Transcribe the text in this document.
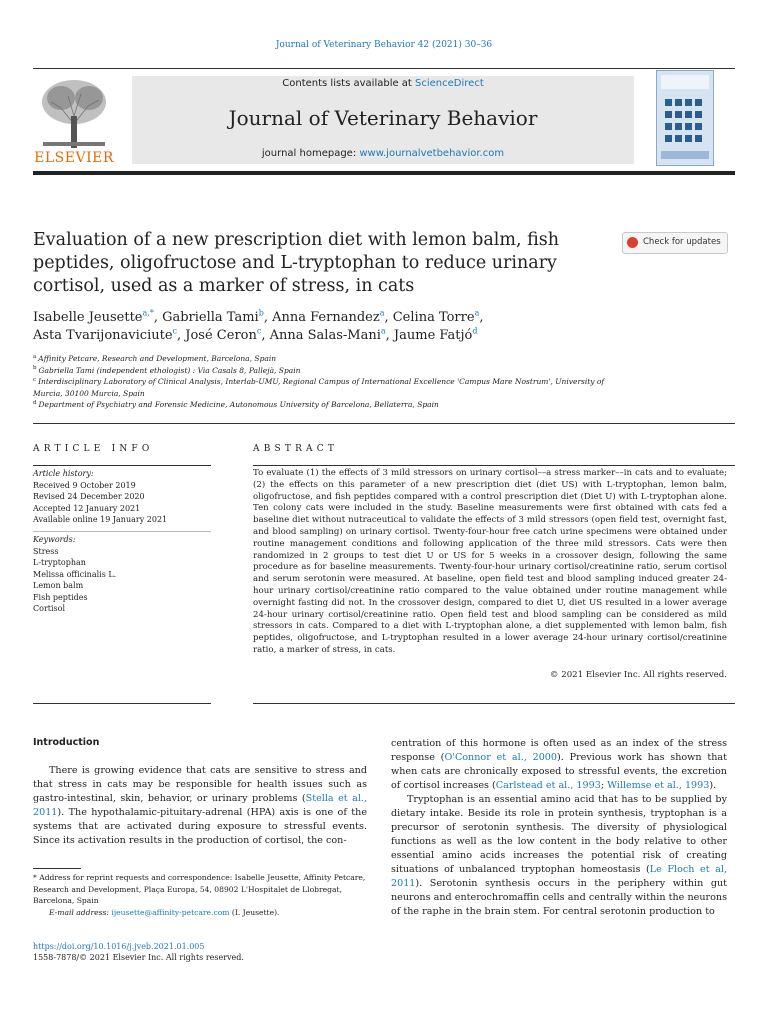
Journal of Veterinary Behavior 42 (2021) 30–36
ELSEVIER
Contents lists available at ScienceDirect
Journal of Veterinary Behavior
journal homepage: www.journalvetbehavior.com
Evaluation of a new prescription diet with lemon balm, fish peptides, oligofructose and L-tryptophan to reduce urinary cortisol, used as a marker of stress, in cats
Check for updates
Isabelle Jeusette$^{a,*}$, Gabriella Tami$^b$, Anna Fernandez$^a$, Celina Torre$^a$,
Asta Tvarijonaviciute$^c$, José Ceron$^c$, Anna Salas-Mani$^a$, Jaume Fatjó$^d$
$^a$ Affinity Petcare, Research and Development, Barcelona, Spain
$^b$ Gabriella Tami (independent ethologist) : Via Casals 8, Pallejà, Spain
$^c$ Interdisciplinary Laboratory of Clinical Analysis, Interlab-UMU, Regional Campus of International Excellence 'Campus Mare Nostrum', University of Murcia, 30100 Murcia, Spain
$^d$ Department of Psychiatry and Forensic Medicine, Autonomous University of Barcelona, Bellaterra, Spain
ARTICLE INFO
Article history:
Received 9 October 2019
Revised 24 December 2020
Accepted 12 January 2021
Available online 19 January 2021
Keywords:
Stress
L-tryptophan
Melissa officinalis L.
Lemon balm
Fish peptides
Cortisol
ABSTRACT
To evaluate (1) the effects of 3 mild stressors on urinary cortisol––a stress marker––in cats and to evaluate; (2) the effects on this parameter of a new prescription diet (diet US) with L-tryptophan, lemon balm, oligofructose, and fish peptides compared with a control prescription diet (Diet U) with L-tryptophan alone. Ten colony cats were included in the study. Baseline measurements were first obtained with cats fed a baseline diet without nutraceutical to validate the effects of 3 mild stressors (open field test, overnight fast, and blood sampling) on urinary cortisol. Twenty-four-hour free catch urine specimens were obtained under routine management conditions and following application of the three mild stressors. Cats were then randomized in 2 groups to test diet U or US for 5 weeks in a crossover design, following the same procedure as for baseline measurements. Twenty-four-hour urinary cortisol/creatinine ratio, serum cortisol and serum serotonin were measured. At baseline, open field test and blood sampling induced greater 24-hour urinary cortisol/creatinine ratio compared to the value obtained under routine management while overnight fasting did not. In the crossover design, compared to diet U, diet US resulted in a lower average 24-hour urinary cortisol/creatinine ratio. Open field test and blood sampling can be considered as mild stressors in cats. Compared to a diet with L-tryptophan alone, a diet supplemented with lemon balm, fish peptides, oligofructose, and L-tryptophan resulted in a lower average 24-hour urinary cortisol/creatinine ratio, a marker of stress, in cats.
© 2021 Elsevier Inc. All rights reserved.
Introduction
There is growing evidence that cats are sensitive to stress and that stress in cats may be responsible for health issues such as gastro-intestinal, skin, behavior, or urinary problems (Stella et al., 2011). The hypothalamic-pituitary-adrenal (HPA) axis is one of the systems that are activated during exposure to stressful events. Since its activation results in the production of cortisol, the con-

centration of this hormone is often used as an index of the stress response (O'Connor et al., 2000). Previous work has shown that when cats are chronically exposed to stressful events, the excretion of cortisol increases (Carlstead et al., 1993; Willemse et al., 1993).

Tryptophan is an essential amino acid that has to be supplied by dietary intake. Beside its role in protein synthesis, tryptophan is a precursor of serotonin synthesis. The diversity of physiological functions as well as the low content in the body relative to other essential amino acids increases the potential risk of creating situations of unbalanced tryptophan homeostasis (Le Floch et al, 2011). Serotonin synthesis occurs in the periphery within gut neurons and enterochromaffin cells and centrally within the neurons of the raphe in the brain stem. For central serotonin production to

* Address for reprint requests and correspondence: Isabelle Jeusette, Affinity Petcare, Research and Development, Plaça Europa, 54, 08902 L'Hospitalet de Llobregat, Barcelona, Spain

E-mail address: ijeusette@affinity-petcare.com (I. Jeusette).

https://doi.org/10.1016/j.jveb.2021.01.005
1558-7878/© 2021 Elsevier Inc. All rights reserved.
